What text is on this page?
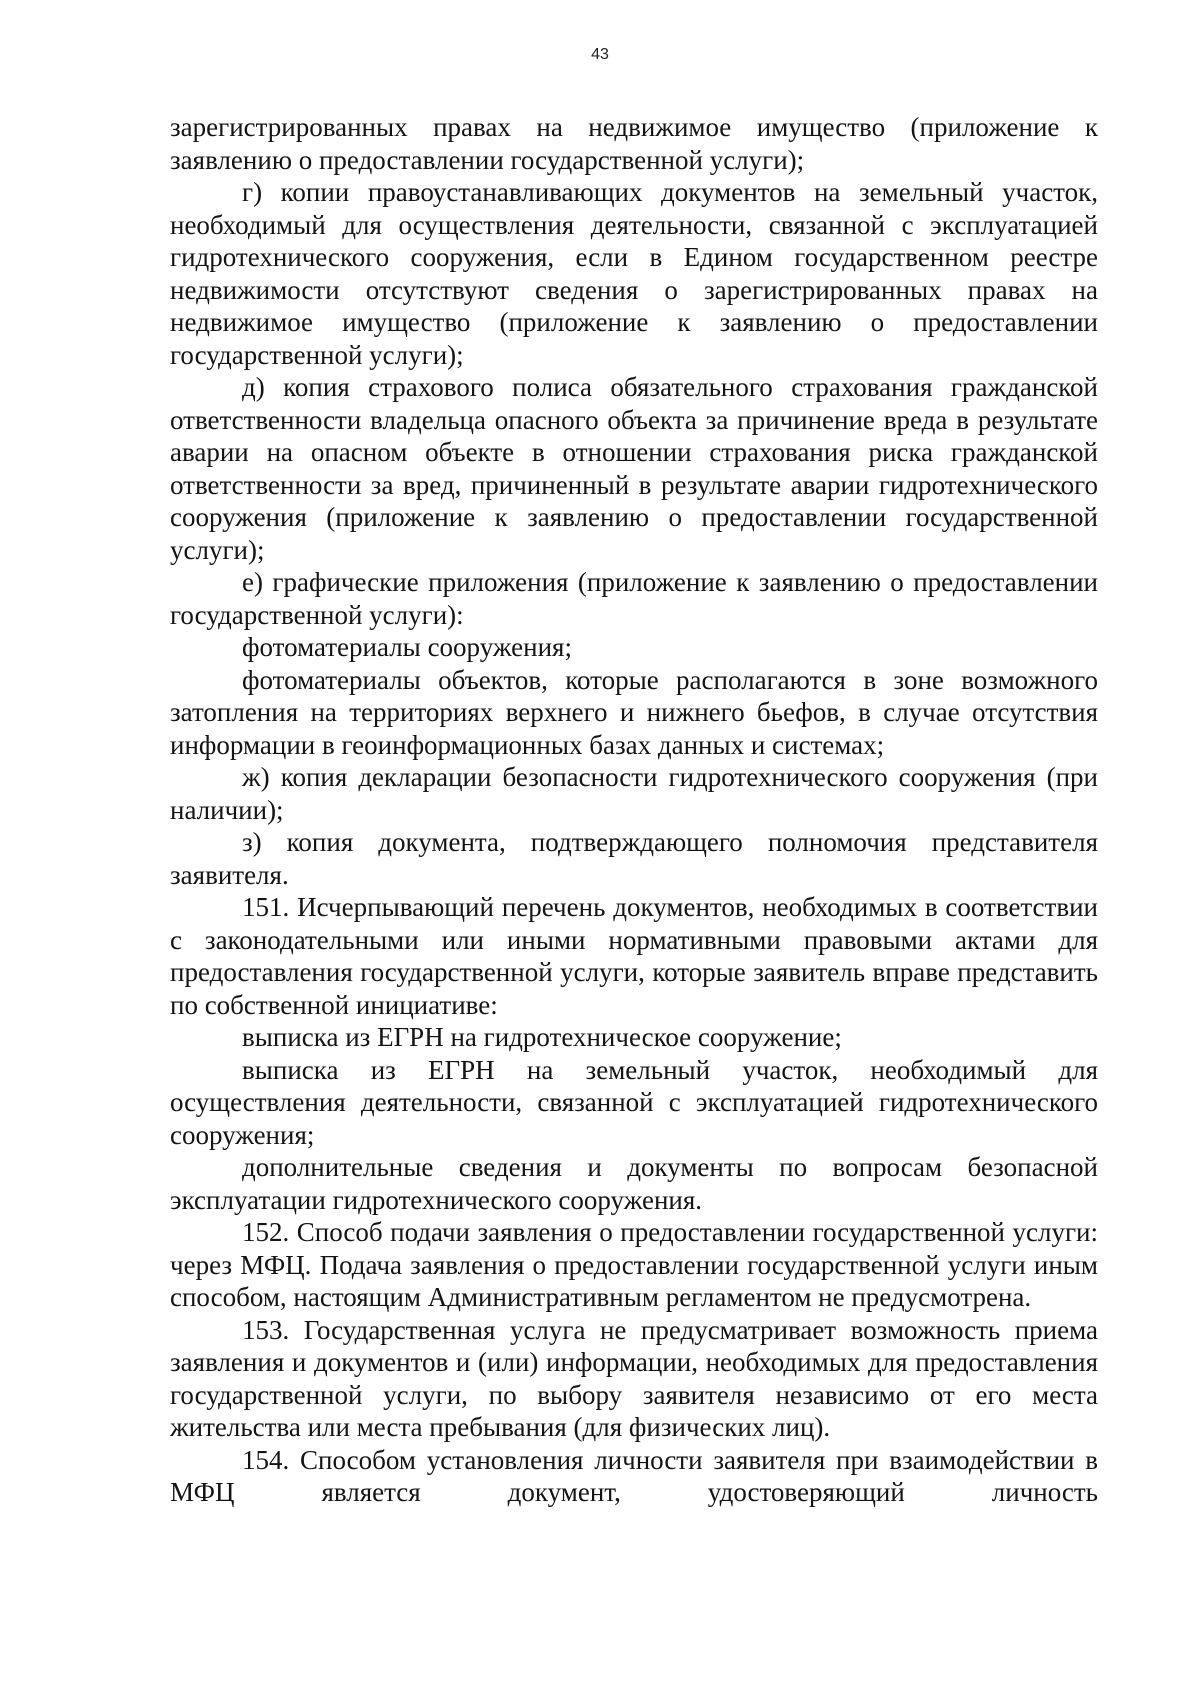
43

зарегистрированных правах на недвижимое имущество (приложение к заявлению о предоставлении государственной услуги);

г) копии правоустанавливающих документов на земельный участок, необходимый для осуществления деятельности, связанной с эксплуатацией гидротехнического сооружения, если в Едином государственном реестре недвижимости отсутствуют сведения о зарегистрированных правах на недвижимое имущество (приложение к заявлению о предоставлении государственной услуги);

д) копия страхового полиса обязательного страхования гражданской ответственности владельца опасного объекта за причинение вреда в результате аварии на опасном объекте в отношении страхования риска гражданской ответственности за вред, причиненный в результате аварии гидротехнического сооружения (приложение к заявлению о предоставлении государственной услуги);

е) графические приложения (приложение к заявлению о предоставлении государственной услуги):

фотоматериалы сооружения;

фотоматериалы объектов, которые располагаются в зоне возможного затопления на территориях верхнего и нижнего бьефов, в случае отсутствия информации в геоинформационных базах данных и системах;

ж) копия декларации безопасности гидротехнического сооружения (при наличии);

з) копия документа, подтверждающего полномочия представителя заявителя.

151. Исчерпывающий перечень документов, необходимых в соответствии с законодательными или иными нормативными правовыми актами для предоставления государственной услуги, которые заявитель вправе представить по собственной инициативе:

выписка из ЕГРН на гидротехническое сооружение;

выписка из ЕГРН на земельный участок, необходимый для осуществления деятельности, связанной с эксплуатацией гидротехнического сооружения;

дополнительные сведения и документы по вопросам безопасной эксплуатации гидротехнического сооружения.

152. Способ подачи заявления о предоставлении государственной услуги: через МФЦ. Подача заявления о предоставлении государственной услуги иным способом, настоящим Административным регламентом не предусмотрена.

153. Государственная услуга не предусматривает возможность приема заявления и документов и (или) информации, необходимых для предоставления государственной услуги, по выбору заявителя независимо от его места жительства или места пребывания (для физических лиц).

154. Способом установления личности заявителя при взаимодействии в МФЦ является документ, удостоверяющий личность
